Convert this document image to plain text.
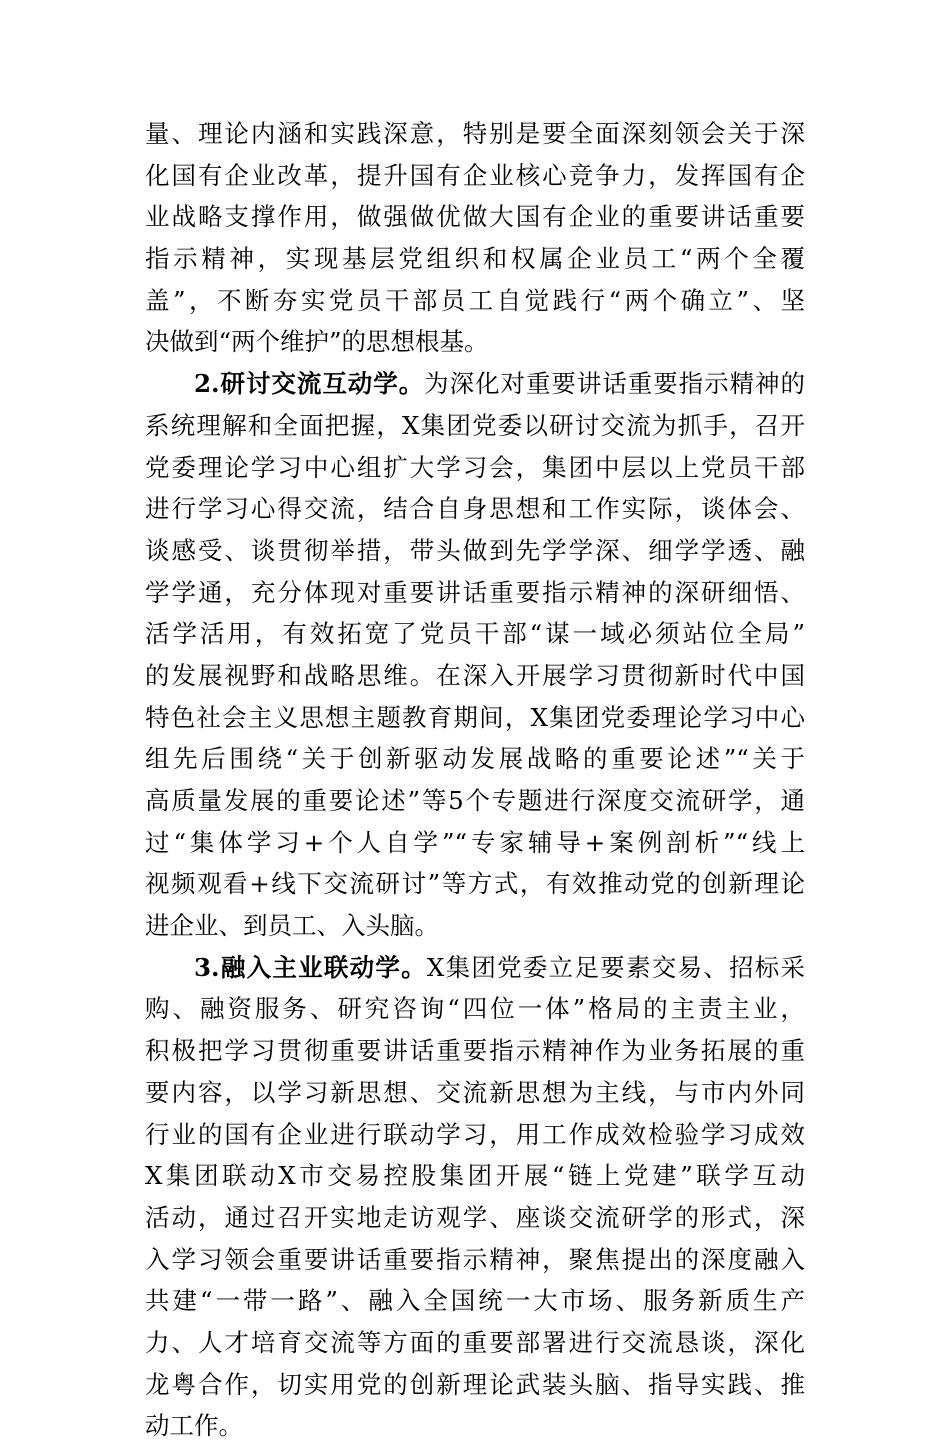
量、理论内涵和实践深意，特别是要全面深刻领会关于深
化国有企业改革，提升国有企业核心竞争力，发挥国有企
业战略支撑作用，做强做优做大国有企业的重要讲话重要
指示精神，实现基层党组织和权属企业员工“两个全覆
盖”，不断夯实党员干部员工自觉践行“两个确立”、坚
决做到“两个维护”的思想根基。
2.研讨交流互动学。为深化对重要讲话重要指示精神的
系统理解和全面把握，X集团党委以研讨交流为抓手，召开
党委理论学习中心组扩大学习会，集团中层以上党员干部
进行学习心得交流，结合自身思想和工作实际，谈体会、
谈感受、谈贯彻举措，带头做到先学学深、细学学透、融
学学通，充分体现对重要讲话重要指示精神的深研细悟、
活学活用，有效拓宽了党员干部“谋一域必须站位全局”
的发展视野和战略思维。在深入开展学习贯彻新时代中国
特色社会主义思想主题教育期间，X集团党委理论学习中心
组先后围绕“关于创新驱动发展战略的重要论述”“关于
高质量发展的重要论述”等5个专题进行深度交流研学，通
过“集体学习+个人自学”“专家辅导+案例剖析”“线上
视频观看+线下交流研讨”等方式，有效推动党的创新理论
进企业、到员工、入头脑。
3.融入主业联动学。X集团党委立足要素交易、招标采
购、融资服务、研究咨询“四位一体”格局的主责主业，
积极把学习贯彻重要讲话重要指示精神作为业务拓展的重
要内容，以学习新思想、交流新思想为主线，与市内外同
行业的国有企业进行联动学习，用工作成效检验学习成效
X集团联动X市交易控股集团开展“链上党建”联学互动
活动，通过召开实地走访观学、座谈交流研学的形式，深
入学习领会重要讲话重要指示精神，聚焦提出的深度融入
共建“一带一路”、融入全国统一大市场、服务新质生产
力、人才培育交流等方面的重要部署进行交流恳谈，深化
龙粤合作，切实用党的创新理论武装头脑、指导实践、推
动工作。
